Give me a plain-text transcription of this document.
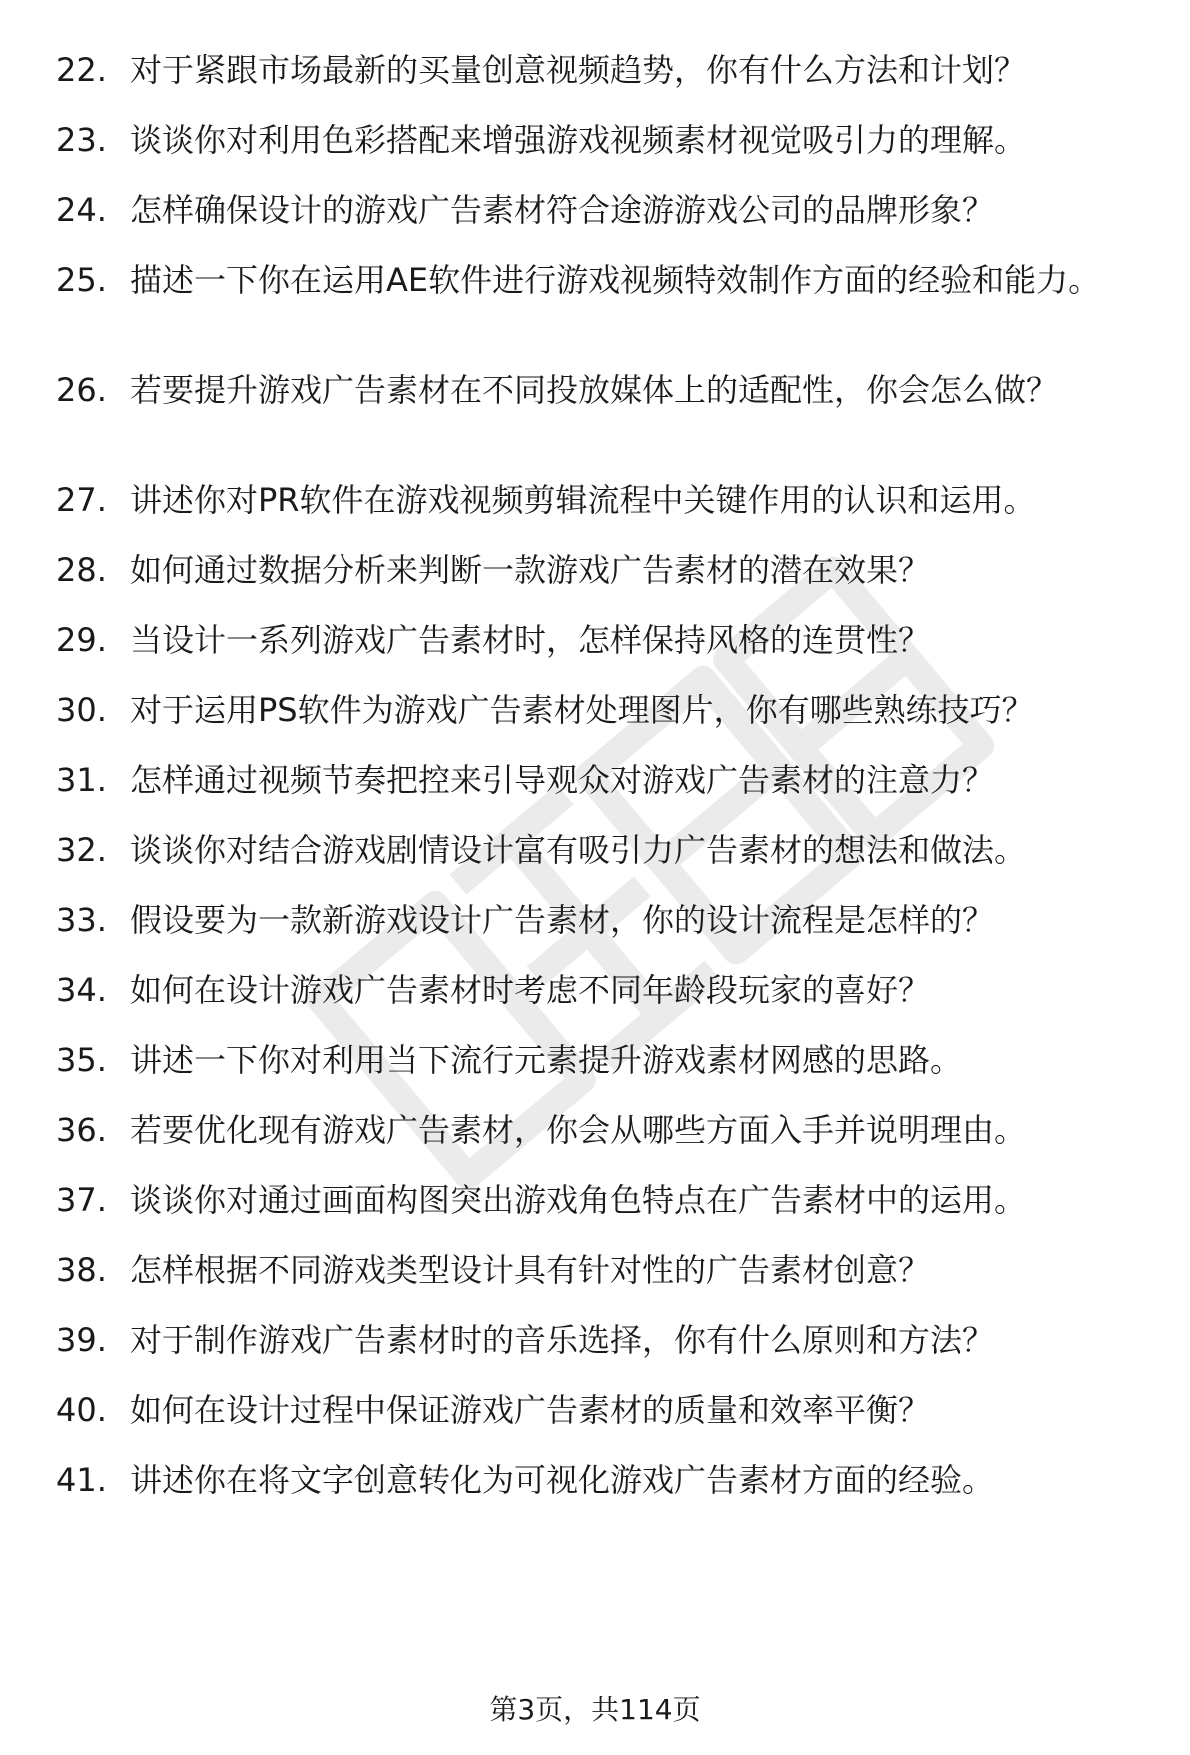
22. 对于紧跟市场最新的买量创意视频趋势，你有什么方法和计划？
23. 谈谈你对利用色彩搭配来增强游戏视频素材视觉吸引力的理解。
24. 怎样确保设计的游戏广告素材符合途游游戏公司的品牌形象？
25. 描述一下你在运用AE软件进行游戏视频特效制作方面的经验和能力。
26. 若要提升游戏广告素材在不同投放媒体上的适配性，你会怎么做？
27. 讲述你对PR软件在游戏视频剪辑流程中关键作用的认识和运用。
28. 如何通过数据分析来判断一款游戏广告素材的潜在效果？
29. 当设计一系列游戏广告素材时，怎样保持风格的连贯性？
30. 对于运用PS软件为游戏广告素材处理图片，你有哪些熟练技巧？
31. 怎样通过视频节奏把控来引导观众对游戏广告素材的注意力？
32. 谈谈你对结合游戏剧情设计富有吸引力广告素材的想法和做法。
33. 假设要为一款新游戏设计广告素材，你的设计流程是怎样的？
34. 如何在设计游戏广告素材时考虑不同年龄段玩家的喜好？
35. 讲述一下你对利用当下流行元素提升游戏素材网感的思路。
36. 若要优化现有游戏广告素材，你会从哪些方面入手并说明理由。
37. 谈谈你对通过画面构图突出游戏角色特点在广告素材中的运用。
38. 怎样根据不同游戏类型设计具有针对性的广告素材创意？
39. 对于制作游戏广告素材时的音乐选择，你有什么原则和方法？
40. 如何在设计过程中保证游戏广告素材的质量和效率平衡？
41. 讲述你在将文字创意转化为可视化游戏广告素材方面的经验。
第3页，共114页
